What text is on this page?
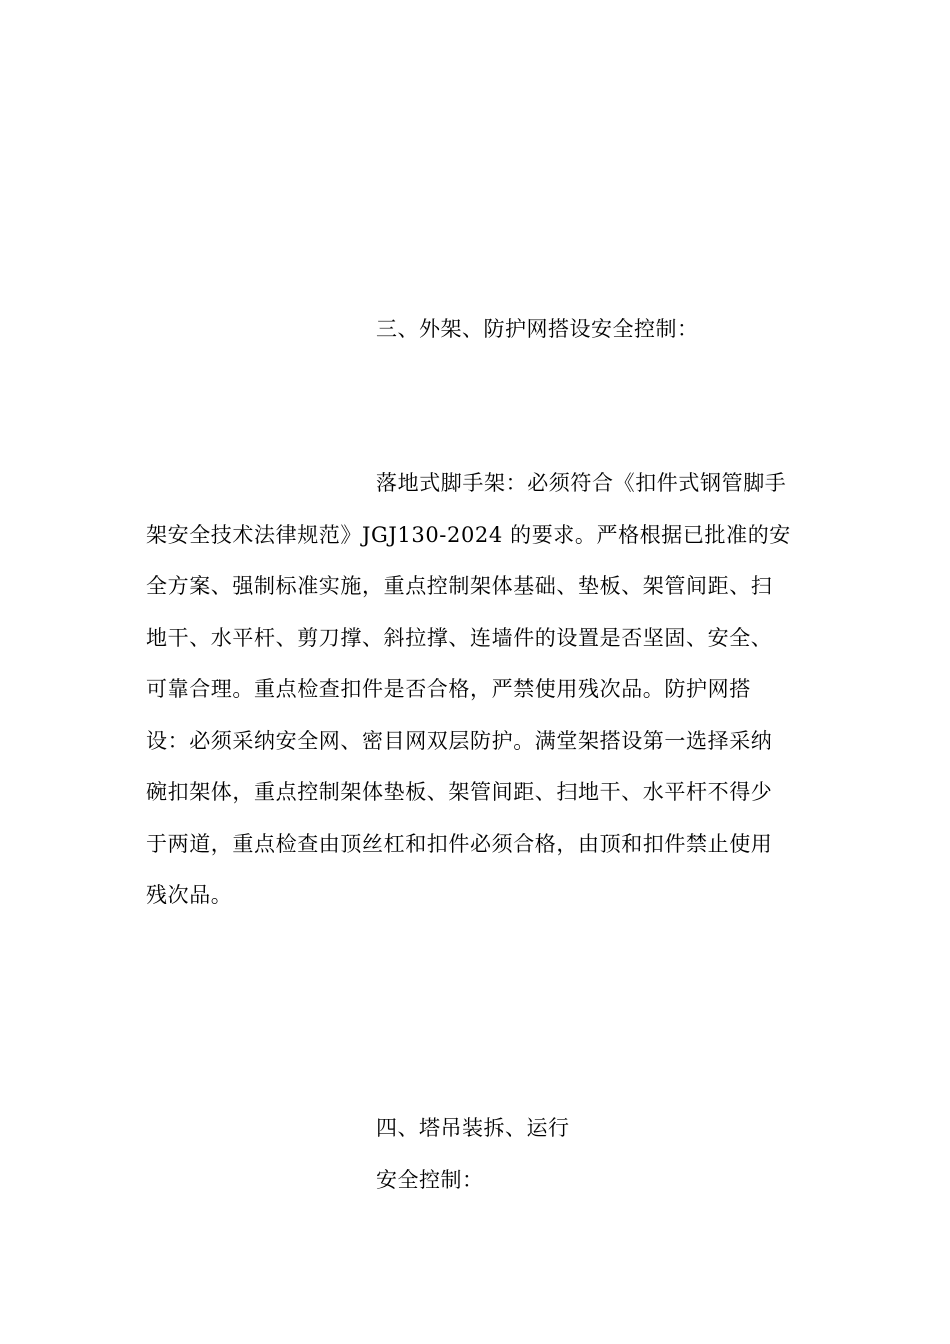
三、外架、防护网搭设安全控制：
落地式脚手架：必须符合《扣件式钢管脚手
架安全技术法律规范》JGJ130-2024 的要求。严格根据已批准的安
全方案、强制标准实施，重点控制架体基础、垫板、架管间距、扫
地干、水平杆、剪刀撑、斜拉撑、连墙件的设置是否坚固、安全、
可靠合理。重点检查扣件是否合格，严禁使用残次品。防护网搭
设：必须采纳安全网、密目网双层防护。满堂架搭设第一选择采纳
碗扣架体，重点控制架体垫板、架管间距、扫地干、水平杆不得少
于两道，重点检查由顶丝杠和扣件必须合格，由顶和扣件禁止使用
残次品。
四、塔吊装拆、运行
安全控制：
